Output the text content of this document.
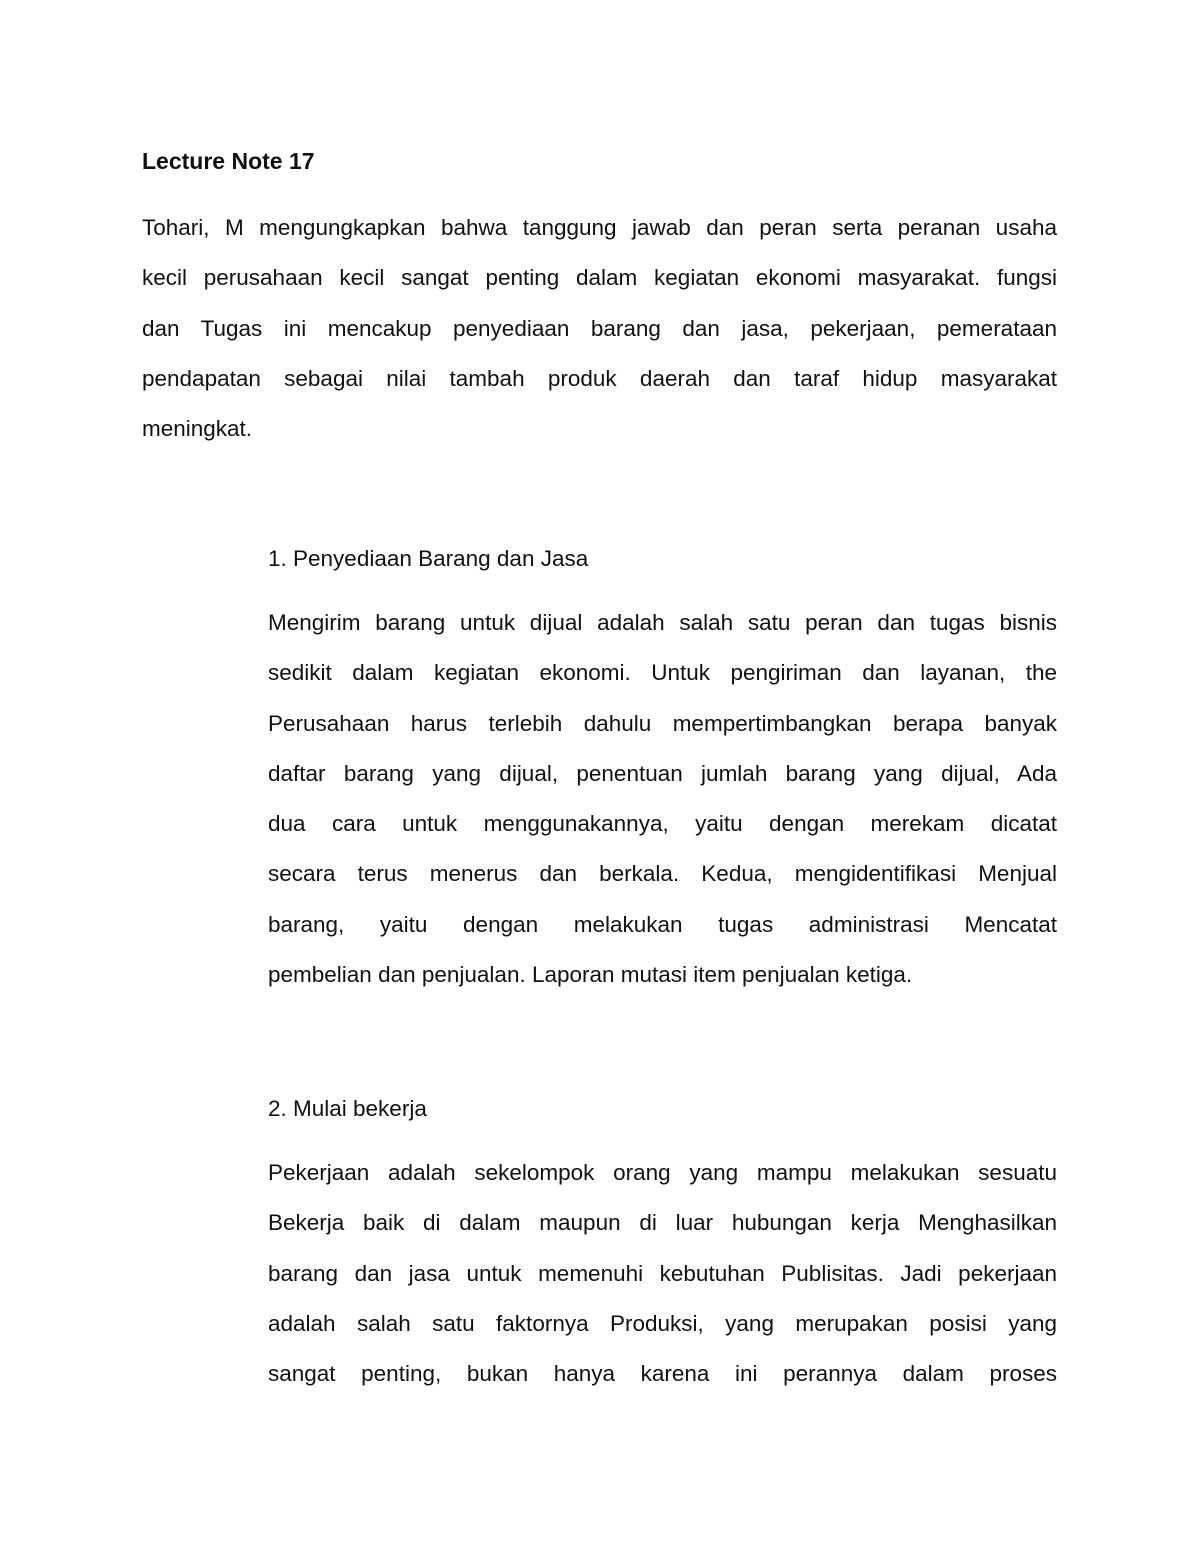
Lecture Note 17
Tohari, M mengungkapkan bahwa tanggung jawab dan peran serta peranan usaha
kecil perusahaan kecil sangat penting dalam kegiatan ekonomi masyarakat. fungsi
dan Tugas ini mencakup penyediaan barang dan jasa, pekerjaan, pemerataan
pendapatan sebagai nilai tambah produk daerah dan taraf hidup masyarakat
meningkat.
1. Penyediaan Barang dan Jasa
Mengirim barang untuk dijual adalah salah satu peran dan tugas bisnis
sedikit dalam kegiatan ekonomi. Untuk pengiriman dan layanan, the
Perusahaan harus terlebih dahulu mempertimbangkan berapa banyak
daftar barang yang dijual, penentuan jumlah barang yang dijual, Ada
dua cara untuk menggunakannya, yaitu dengan merekam dicatat
secara terus menerus dan berkala. Kedua, mengidentifikasi Menjual
barang, yaitu dengan melakukan tugas administrasi Mencatat
pembelian dan penjualan. Laporan mutasi item penjualan ketiga.
2. Mulai bekerja
Pekerjaan adalah sekelompok orang yang mampu melakukan sesuatu
Bekerja baik di dalam maupun di luar hubungan kerja Menghasilkan
barang dan jasa untuk memenuhi kebutuhan Publisitas. Jadi pekerjaan
adalah salah satu faktornya Produksi, yang merupakan posisi yang
sangat penting, bukan hanya karena ini perannya dalam proses
